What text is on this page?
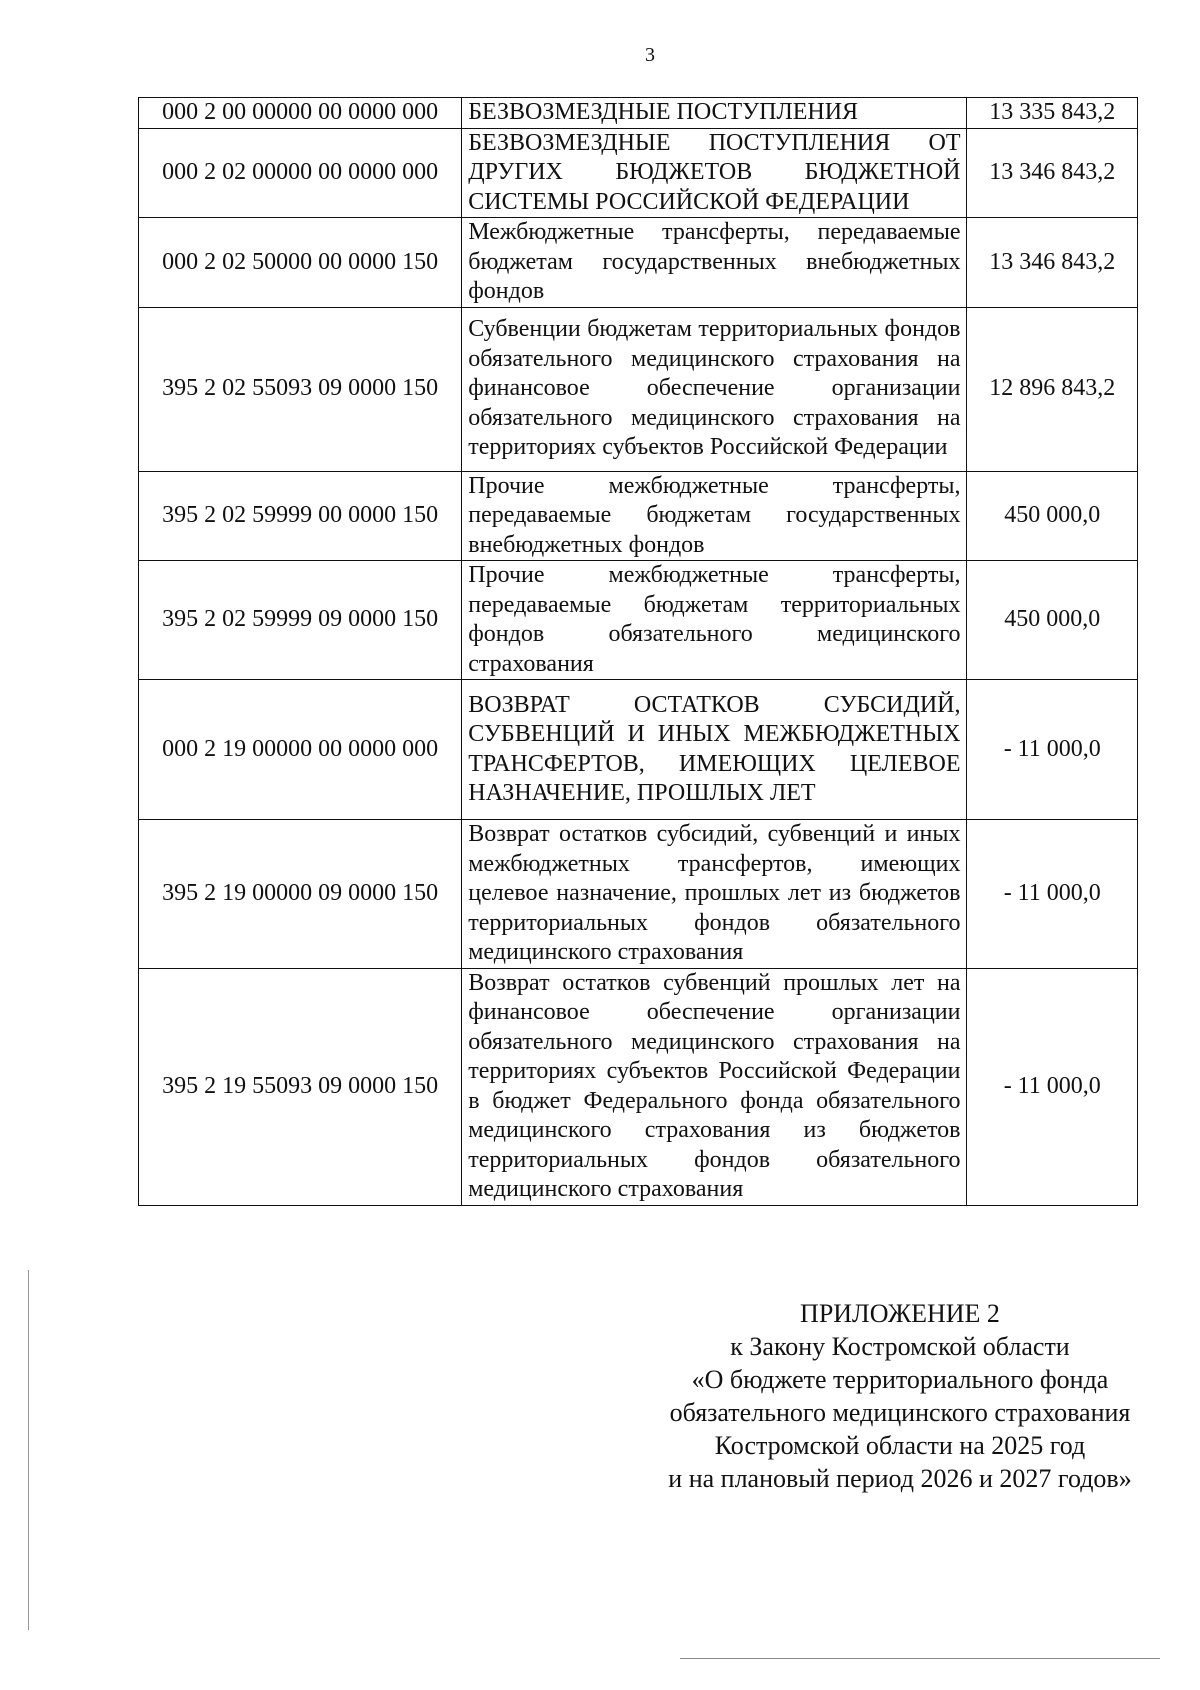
3
000 2 00 00000 00 0000 000	БЕЗВОЗМЕЗДНЫЕ ПОСТУПЛЕНИЯ	13 335 843,2
000 2 02 00000 00 0000 000	БЕЗВОЗМЕЗДНЫЕ ПОСТУПЛЕНИЯ ОТ ДРУГИХ БЮДЖЕТОВ БЮДЖЕТНОЙ СИСТЕМЫ РОССИЙСКОЙ ФЕДЕРАЦИИ	13 346 843,2
000 2 02 50000 00 0000 150	Межбюджетные трансферты, передаваемые бюджетам государственных внебюджетных фондов	13 346 843,2
395 2 02 55093 09 0000 150	Субвенции бюджетам территориальных фондов обязательного медицинского страхования на финансовое обеспечение организации обязательного медицинского страхования на территориях субъектов Российской Федерации	12 896 843,2
395 2 02 59999 00 0000 150	Прочие межбюджетные трансферты, передаваемые бюджетам государственных внебюджетных фондов	450 000,0
395 2 02 59999 09 0000 150	Прочие межбюджетные трансферты, передаваемые бюджетам территориальных фондов обязательного медицинского страхования	450 000,0
000 2 19 00000 00 0000 000	ВОЗВРАТ ОСТАТКОВ СУБСИДИЙ, СУБВЕНЦИЙ И ИНЫХ МЕЖБЮДЖЕТНЫХ ТРАНСФЕРТОВ, ИМЕЮЩИХ ЦЕЛЕВОЕ НАЗНАЧЕНИЕ, ПРОШЛЫХ ЛЕТ	- 11 000,0
395 2 19 00000 09 0000 150	Возврат остатков субсидий, субвенций и иных межбюджетных трансфертов, имеющих целевое назначение, прошлых лет из бюджетов территориальных фондов обязательного медицинского страхования	- 11 000,0
395 2 19 55093 09 0000 150	Возврат остатков субвенций прошлых лет на финансовое обеспечение организации обязательного медицинского страхования на территориях субъектов Российской Федерации в бюджет Федерального фонда обязательного медицинского страхования из бюджетов территориальных фондов обязательного медицинского страхования	- 11 000,0
ПРИЛОЖЕНИЕ 2
к Закону Костромской области
«О бюджете территориального фонда
обязательного медицинского страхования
Костромской области на 2025 год
и на плановый период 2026 и 2027 годов»
